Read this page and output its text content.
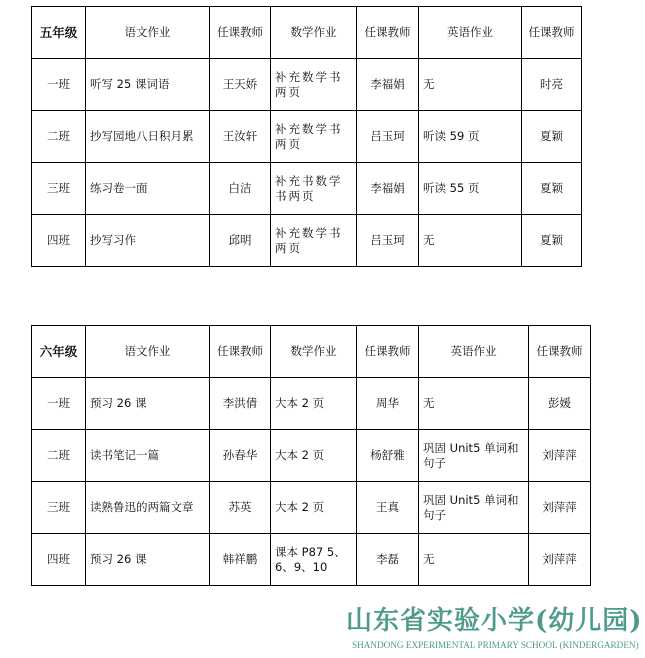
五年级	语文作业	任课教师	数学作业	任课教师	英语作业	任课教师
一班	听写 25 课词语	王天娇	补充数学书两页	李福娟	无	时亮
二班	抄写园地八日积月累	王汝轩	补充数学书两页	吕玉珂	听读 59 页	夏颖
三班	练习卷一面	白洁	补充书数学书两页	李福娟	听读 55 页	夏颖
四班	抄写习作	邱明	补充数学书两页	吕玉珂	无	夏颖
六年级	语文作业	任课教师	数学作业	任课教师	英语作业	任课教师
一班	预习 26 课	李洪倩	大本 2 页	周华	无	彭媛
二班	读书笔记一篇	孙春华	大本 2 页	杨舒雅	巩固 Unit5 单词和句子	刘萍萍
三班	读熟鲁迅的两篇文章	苏英	大本 2 页	王真	巩固 Unit5 单词和句子	刘萍萍
四班	预习 26 课	韩祥鹏	课本 P87 5、6、9、10	李磊	无	刘萍萍
山东省实验小学(幼儿园)
SHANDONG EXPERIMENTAL PRIMARY SCHOOL (KINDERGARDEN)
